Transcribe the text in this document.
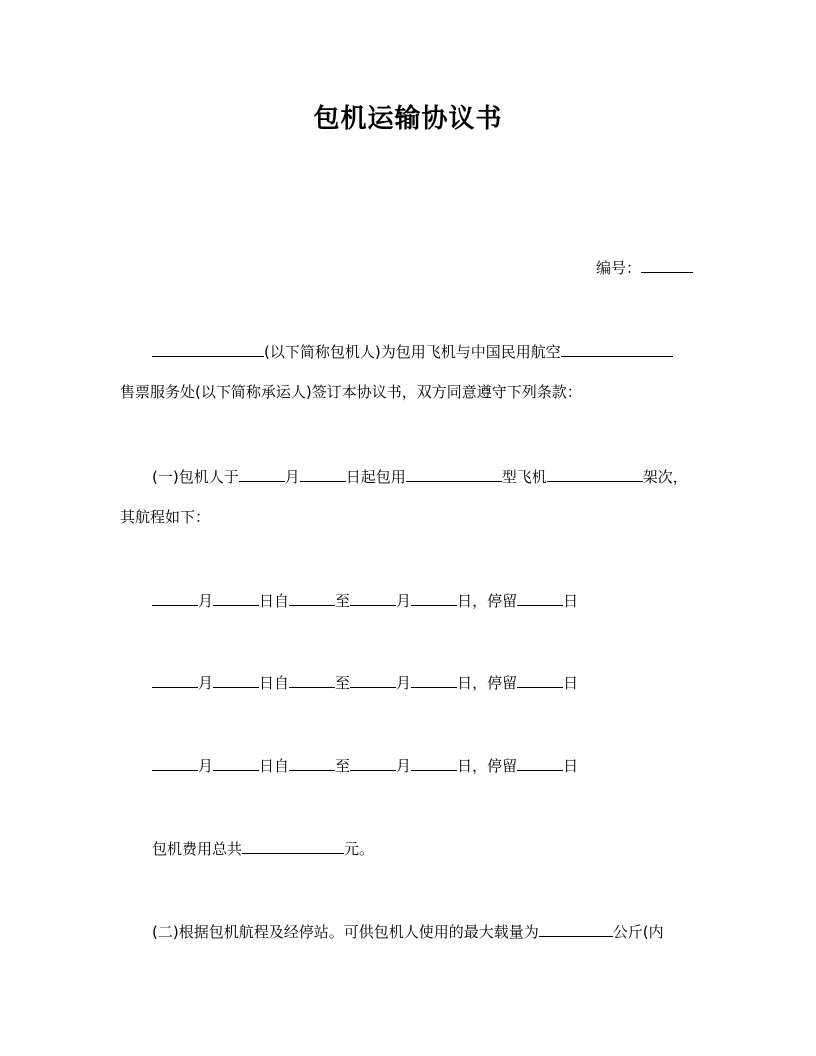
包机运输协议书
编号：
(以下简称包机人)为包用飞机与中国民用航空
售票服务处(以下简称承运人)签订本协议书，双方同意遵守下列条款：
(一)包机人于	月	日起包用	型飞机	架次，
其航程如下：
月	日自	至	月	日，停留	日
月	日自	至	月	日，停留	日
月	日自	至	月	日，停留	日
包机费用总共	元。
(二)根据包机航程及经停站。可供包机人使用的最大载量为	公斤(内
